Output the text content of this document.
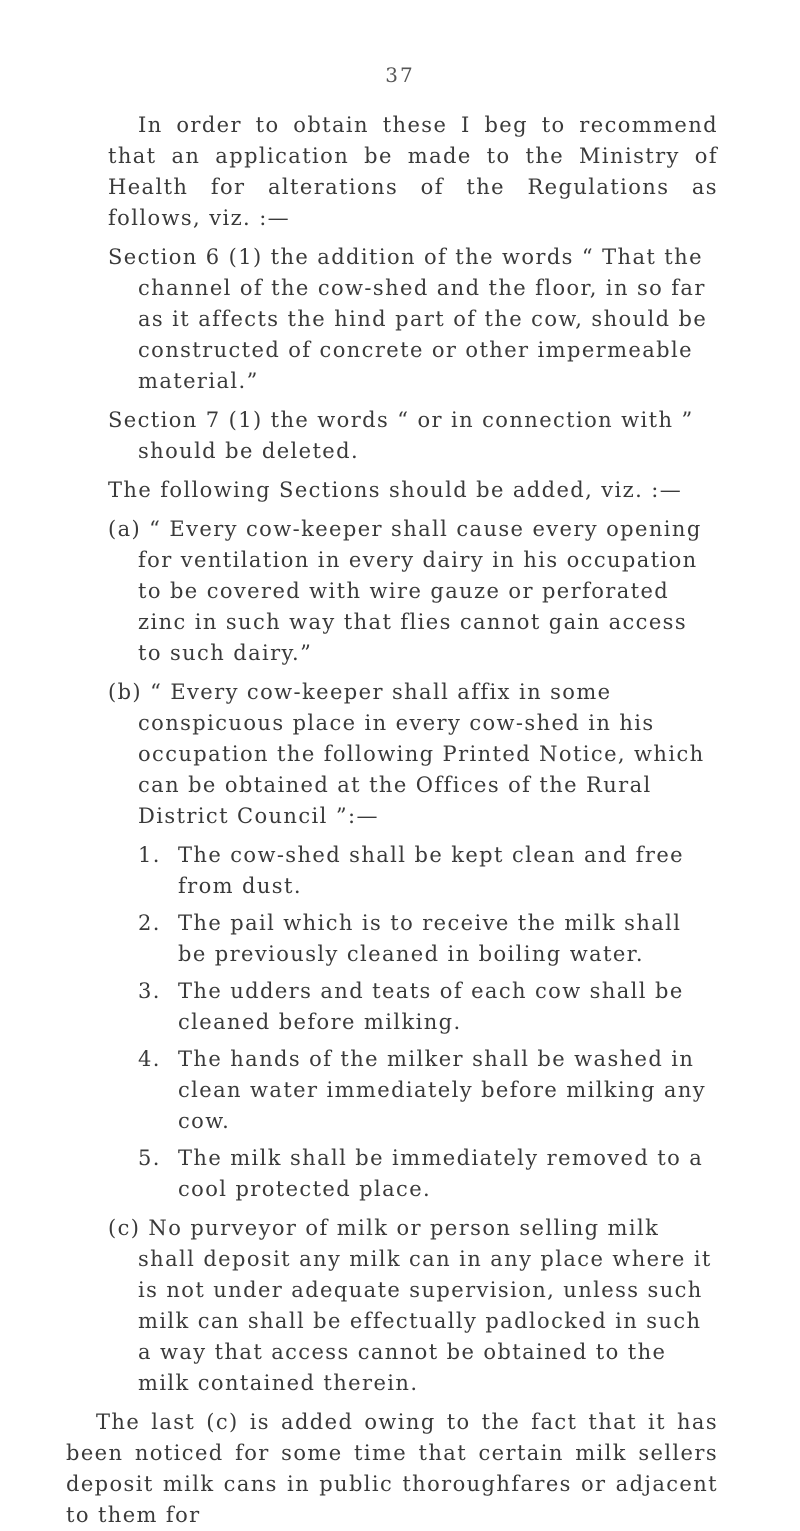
37

In order to obtain these I beg to recommend that an application be made to the Ministry of Health for alterations of the Regulations as follows, viz. :—

Section 6 (1) the addition of the words “ That the channel of the cow-shed and the floor, in so far as it affects the hind part of the cow, should be constructed of concrete or other impermeable material.”

Section 7 (1) the words “ or in connection with ” should be deleted.

The following Sections should be added, viz. :—

(a) “ Every cow-keeper shall cause every opening for ventilation in every dairy in his occupation to be covered with wire gauze or perforated zinc in such way that flies cannot gain access to such dairy.”

(b) “ Every cow-keeper shall affix in some conspicuous place in every cow-shed in his occupation the following Printed Notice, which can be obtained at the Offices of the Rural District Council ”:—

1. The cow-shed shall be kept clean and free from dust.
2. The pail which is to receive the milk shall be previously cleaned in boiling water.
3. The udders and teats of each cow shall be cleaned before milking.
4. The hands of the milker shall be washed in clean water immediately before milking any cow.
5. The milk shall be immediately removed to a cool protected place.

(c) No purveyor of milk or person selling milk shall deposit any milk can in any place where it is not under adequate supervision, unless such milk can shall be effectually padlocked in such a way that access cannot be obtained to the milk contained therein.

The last (c) is added owing to the fact that it has been noticed for some time that certain milk sellers deposit milk cans in public thoroughfares or adjacent to them for
